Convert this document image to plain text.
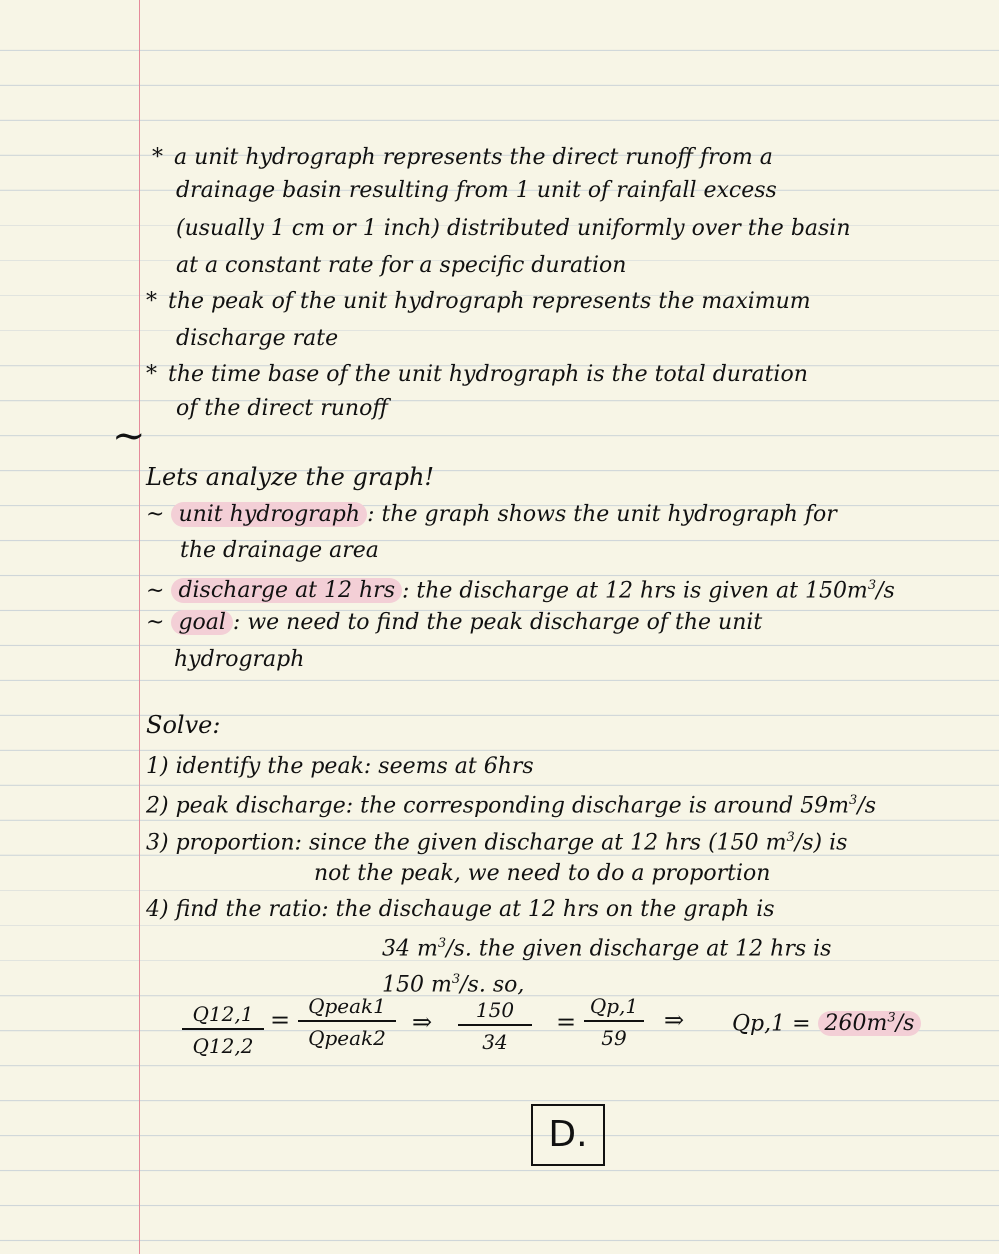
* a unit hydrograph represents the direct runoff from a
drainage basin resulting from 1 unit of rainfall excess
(usually 1 cm or 1 inch) distributed uniformly over the basin
at a constant rate for a specific duration
* the peak of the unit hydrograph represents the maximum
discharge rate
* the time base of the unit hydrograph is the total duration
of the direct runoff
~
Lets analyze the graph!
~ unit hydrograph : the graph shows the unit hydrograph for
the drainage area
~ discharge at 12 hrs : the discharge at 12 hrs is given at $150m^3/s$
~ goal : we need to find the peak discharge of the unit
hydrograph
Solve:
1) identify the peak: seems at 6hrs
2) peak discharge: the corresponding discharge is around $59m^3/s$
3) proportion: since the given discharge at 12 hrs (150 $m^3/s$) is
not the peak, we need to do a proportion
4) find the ratio: the dischauge at 12 hrs on the graph is
34 $m^3/s$. the given discharge at 12 hrs is
150 $m^3/s$. so,
$\frac{Q12,1}{Q12,2}$ = Qpeak1
Qpeak2
⇒ $\frac{150}{34} = \frac{Qp,1}{59}$ ⇒ $Qp,1 = 260m^3/s$
D.
